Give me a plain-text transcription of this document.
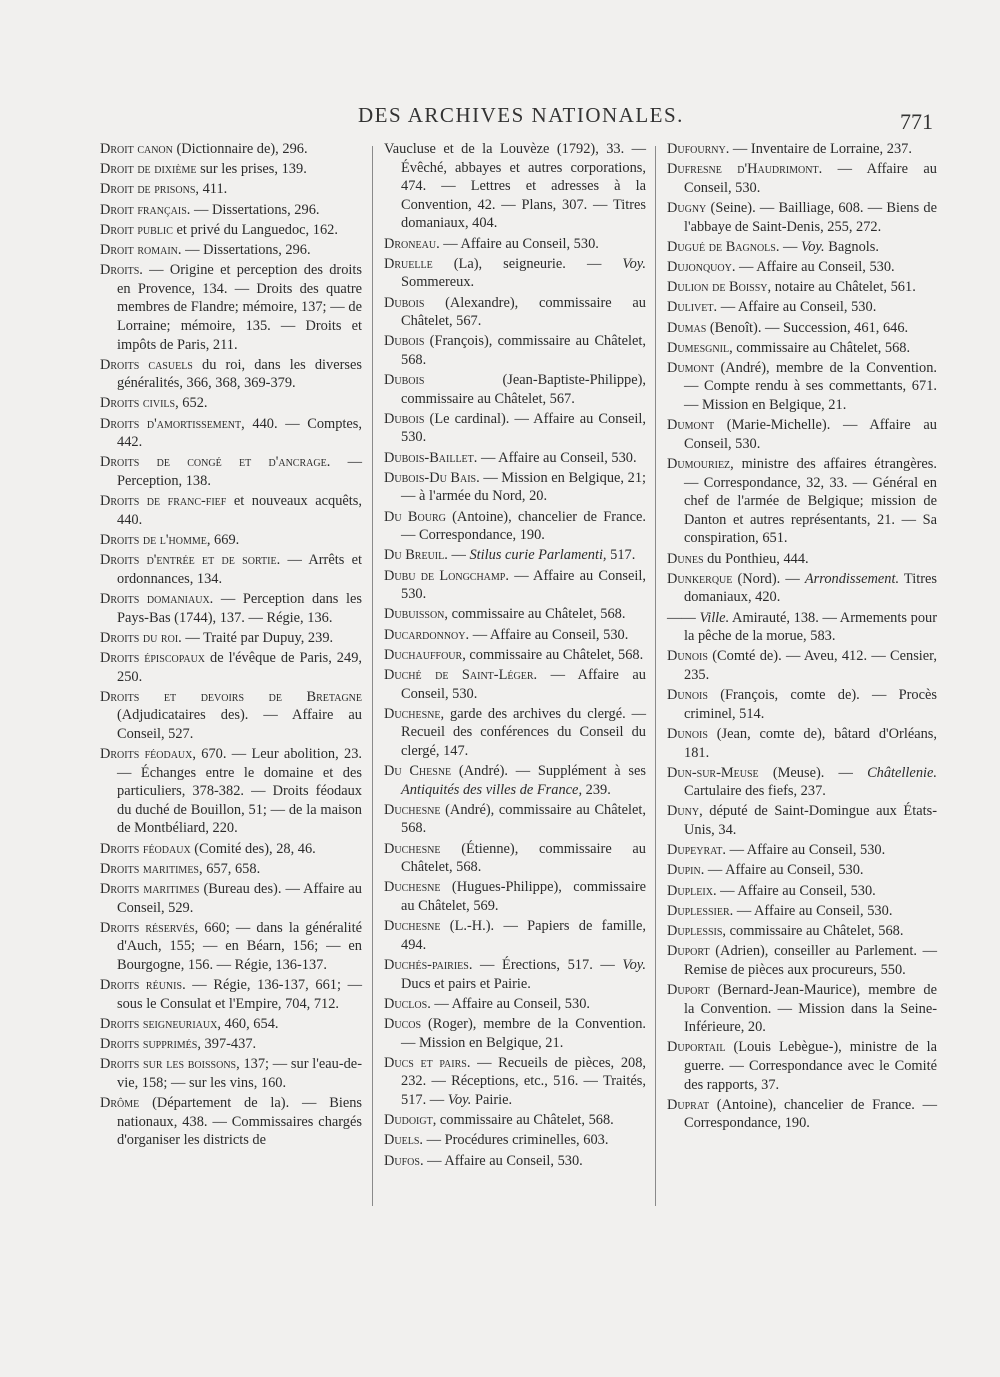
DES ARCHIVES NATIONALES.	771

Droit canon (Dictionnaire de), 296.

Droit de dixième sur les prises, 139.

Droit de prisons, 411.

Droit français. — Dissertations, 296.

Droit public et privé du Languedoc, 162.

Droit romain. — Dissertations, 296.

Droits. — Origine et perception des droits en Provence, 134. — Droits des quatre membres de Flandre; mémoire, 137; — de Lorraine; mémoire, 135. — Droits et impôts de Paris, 211.

Droits casuels du roi, dans les diverses généralités, 366, 368, 369-379.

Droits civils, 652.

Droits d'amortissement, 440. — Comptes, 442.

Droits de congé et d'ancrage. — Perception, 138.

Droits de franc-fief et nouveaux acquêts, 440.

Droits de l'homme, 669.

Droits d'entrée et de sortie. — Arrêts et ordonnances, 134.

Droits domaniaux. — Perception dans les Pays-Bas (1744), 137. — Régie, 136.

Droits du roi. — Traité par Dupuy, 239.

Droits épiscopaux de l'évêque de Paris, 249, 250.

Droits et devoirs de Bretagne (Adjudicataires des). — Affaire au Conseil, 527.

Droits féodaux, 670. — Leur abolition, 23. — Échanges entre le domaine et des particuliers, 378-382. — Droits féodaux du duché de Bouillon, 51; — de la maison de Montbéliard, 220.

Droits féodaux (Comité des), 28, 46.

Droits maritimes, 657, 658.

Droits maritimes (Bureau des). — Affaire au Conseil, 529.

Droits réservés, 660; — dans la généralité d'Auch, 155; — en Béarn, 156; — en Bourgogne, 156. — Régie, 136-137.

Droits réunis. — Régie, 136-137, 661; — sous le Consulat et l'Empire, 704, 712.

Droits seigneuriaux, 460, 654.

Droits supprimés, 397-437.

Droits sur les boissons, 137; — sur l'eau-de-vie, 158; — sur les vins, 160.

Drôme (Département de la). — Biens nationaux, 438. — Commissaires chargés d'organiser les districts de

Vaucluse et de la Louvèze (1792), 33. — Évêché, abbayes et autres corporations, 474. — Lettres et adresses à la Convention, 42. — Plans, 307. — Titres domaniaux, 404.

Droneau. — Affaire au Conseil, 530.

Druelle (La), seigneurie. — Voy. Sommereux.

Dubois (Alexandre), commissaire au Châtelet, 567.

Dubois (François), commissaire au Châtelet, 568.

Dubois (Jean-Baptiste-Philippe), commissaire au Châtelet, 567.

Dubois (Le cardinal). — Affaire au Conseil, 530.

Dubois-Baillet. — Affaire au Conseil, 530.

Dubois-Du Bais. — Mission en Belgique, 21; — à l'armée du Nord, 20.

Du Bourg (Antoine), chancelier de France. — Correspondance, 190.

Du Breuil. — Stilus curie Parlamenti, 517.

Dubu de Longchamp. — Affaire au Conseil, 530.

Dubuisson, commissaire au Châtelet, 568.

Ducardonnoy. — Affaire au Conseil, 530.

Duchauffour, commissaire au Châtelet, 568.

Duché de Saint-Léger. — Affaire au Conseil, 530.

Duchesne, garde des archives du clergé. — Recueil des conférences du Conseil du clergé, 147.

Du Chesne (André). — Supplément à ses Antiquités des villes de France, 239.

Duchesne (André), commissaire au Châtelet, 568.

Duchesne (Étienne), commissaire au Châtelet, 568.

Duchesne (Hugues-Philippe), commissaire au Châtelet, 569.

Duchesne (L.-H.). — Papiers de famille, 494.

Duchés-pairies. — Érections, 517. — Voy. Ducs et pairs et Pairie.

Duclos. — Affaire au Conseil, 530.

Ducos (Roger), membre de la Convention. — Mission en Belgique, 21.

Ducs et pairs. — Recueils de pièces, 208, 232. — Réceptions, etc., 516. — Traités, 517. — Voy. Pairie.

Dudoigt, commissaire au Châtelet, 568.

Duels. — Procédures criminelles, 603.

Dufos. — Affaire au Conseil, 530.

Dufourny. — Inventaire de Lorraine, 237.

Dufresne d'Haudrimont. — Affaire au Conseil, 530.

Dugny (Seine). — Bailliage, 608. — Biens de l'abbaye de Saint-Denis, 255, 272.

Dugué de Bagnols. — Voy. Bagnols.

Dujonquoy. — Affaire au Conseil, 530.

Dulion de Boissy, notaire au Châtelet, 561.

Dulivet. — Affaire au Conseil, 530.

Dumas (Benoît). — Succession, 461, 646.

Dumesgnil, commissaire au Châtelet, 568.

Dumont (André), membre de la Convention. — Compte rendu à ses commettants, 671. — Mission en Belgique, 21.

Dumont (Marie-Michelle). — Affaire au Conseil, 530.

Dumouriez, ministre des affaires étrangères. — Correspondance, 32, 33. — Général en chef de l'armée de Belgique; mission de Danton et autres représentants, 21. — Sa conspiration, 651.

Dunes du Ponthieu, 444.

Dunkerque (Nord). — Arrondissement. Titres domaniaux, 420.

—— Ville. Amirauté, 138. — Armements pour la pêche de la morue, 583.

Dunois (Comté de). — Aveu, 412. — Censier, 235.

Dunois (François, comte de). — Procès criminel, 514.

Dunois (Jean, comte de), bâtard d'Orléans, 181.

Dun-sur-Meuse (Meuse). — Châtellenie. Cartulaire des fiefs, 237.

Duny, député de Saint-Domingue aux États-Unis, 34.

Dupeyrat. — Affaire au Conseil, 530.

Dupin. — Affaire au Conseil, 530.

Dupleix. — Affaire au Conseil, 530.

Duplessier. — Affaire au Conseil, 530.

Duplessis, commissaire au Châtelet, 568.

Duport (Adrien), conseiller au Parlement. — Remise de pièces aux procureurs, 550.

Duport (Bernard-Jean-Maurice), membre de la Convention. — Mission dans la Seine-Inférieure, 20.

Duportail (Louis Lebègue-), ministre de la guerre. — Correspondance avec le Comité des rapports, 37.

Duprat (Antoine), chancelier de France. — Correspondance, 190.
